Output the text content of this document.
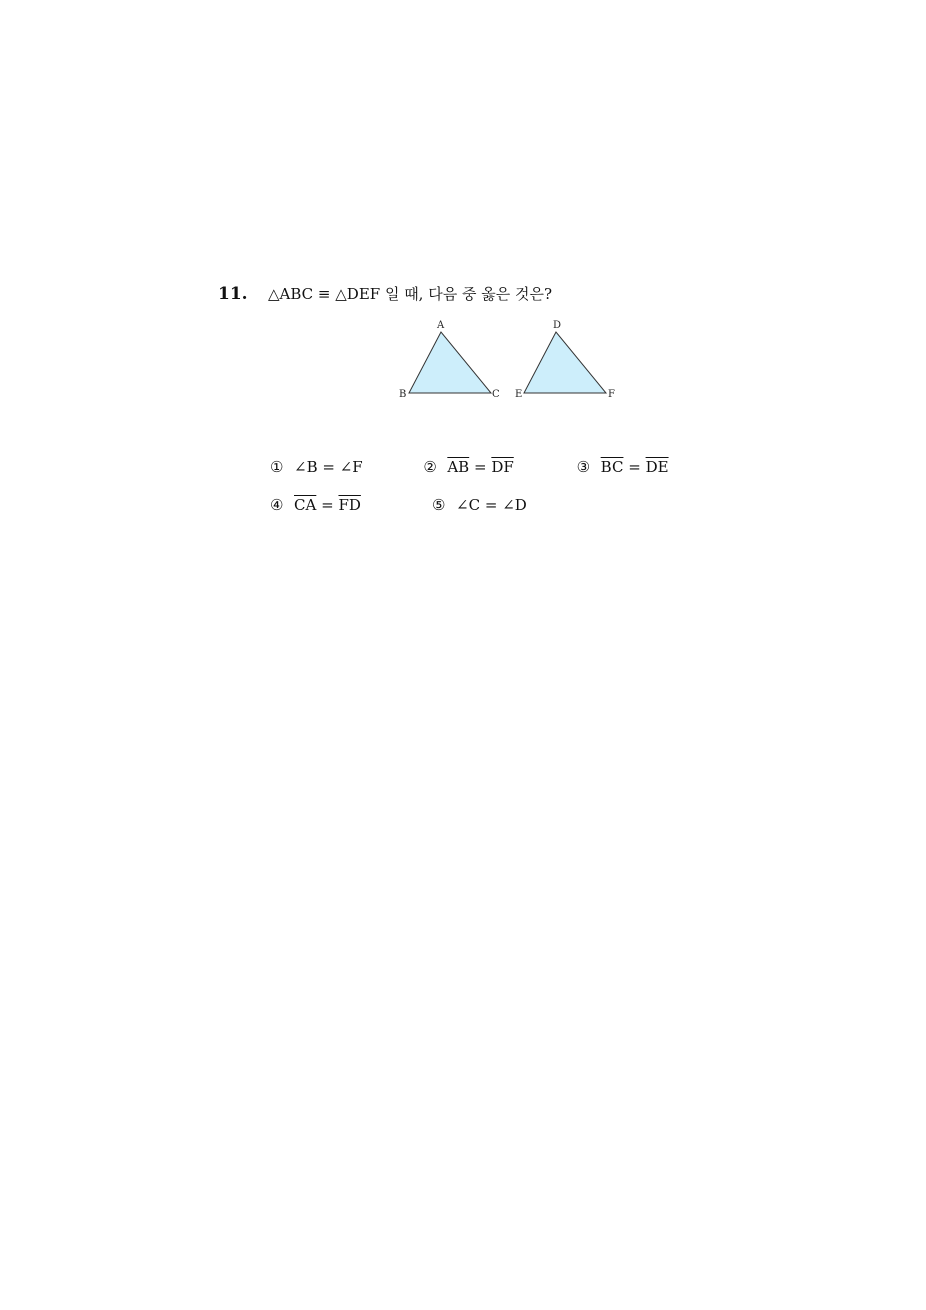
11.	△ABC ≡ △DEF 일 때, 다음 중 옳은 것은?
A
B	C
D
E	F
① ∠B = ∠F	② $\overline{AB} = \overline{DF}$	③ $\overline{BC} = \overline{DE}$
④ $\overline{CA} = \overline{FD}$	⑤ ∠C = ∠D
